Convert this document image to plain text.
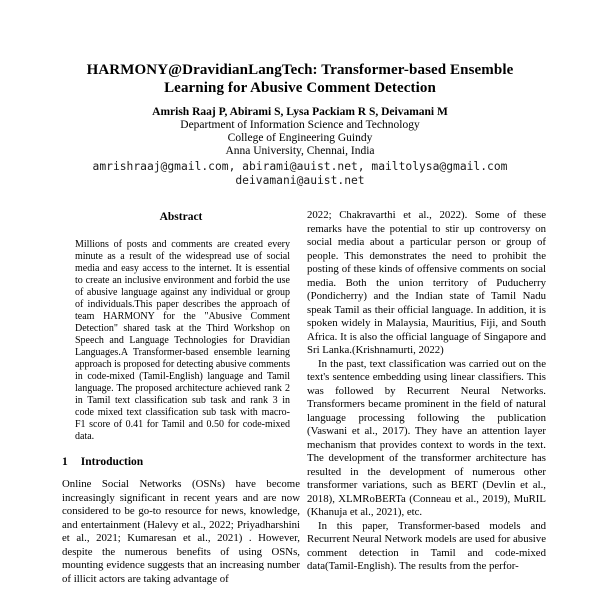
HARMONY@DravidianLangTech: Transformer-based Ensemble Learning for Abusive Comment Detection
Amrish Raaj P, Abirami S, Lysa Packiam R S, Deivamani M
Department of Information Science and Technology
College of Engineering Guindy
Anna University, Chennai, India
amrishraaj@gmail.com, abirami@auist.net, mailtolysa@gmail.com
deivamani@auist.net
Abstract

Millions of posts and comments are created every minute as a result of the widespread use of social media and easy access to the internet. It is essential to create an inclusive environment and forbid the use of abusive language against any individual or group of individuals.This paper describes the approach of team HARMONY for the "Abusive Comment Detection" shared task at the Third Workshop on Speech and Language Technologies for Dravidian Languages.A Transformer-based ensemble learning approach is proposed for detecting abusive comments in code-mixed (Tamil-English) language and Tamil language. The proposed architecture achieved rank 2 in Tamil text classification sub task and rank 3 in code mixed text classification sub task with macro-F1 score of 0.41 for Tamil and 0.50 for code-mixed data.

1 Introduction

Online Social Networks (OSNs) have become increasingly significant in recent years and are now considered to be go-to resource for news, knowledge, and entertainment (Halevy et al., 2022; Priyadharshini et al., 2021; Kumaresan et al., 2021) . However, despite the numerous benefits of using OSNs, mounting evidence suggests that an increasing number of illicit actors are taking advantage of

2022; Chakravarthi et al., 2022). Some of these remarks have the potential to stir up controversy on social media about a particular person or group of people. This demonstrates the need to prohibit the posting of these kinds of offensive comments on social media. Both the union territory of Puducherry (Pondicherry) and the Indian state of Tamil Nadu speak Tamil as their official language. In addition, it is spoken widely in Malaysia, Mauritius, Fiji, and South Africa. It is also the official language of Singapore and Sri Lanka.(Krishnamurti, 2022)

In the past, text classification was carried out on the text's sentence embedding using linear classifiers. This was followed by Recurrent Neural Networks. Transformers became prominent in the field of natural language processing following the publication (Vaswani et al., 2017). They have an attention layer mechanism that provides context to words in the text. The development of the transformer architecture has resulted in the development of numerous other transformer variations, such as BERT (Devlin et al., 2018), XLMRoBERTa (Conneau et al., 2019), MuRIL (Khanuja et al., 2021), etc.

In this paper, Transformer-based models and Recurrent Neural Network models are used for abusive comment detection in Tamil and code-mixed data(Tamil-English). The results from the perfor-
